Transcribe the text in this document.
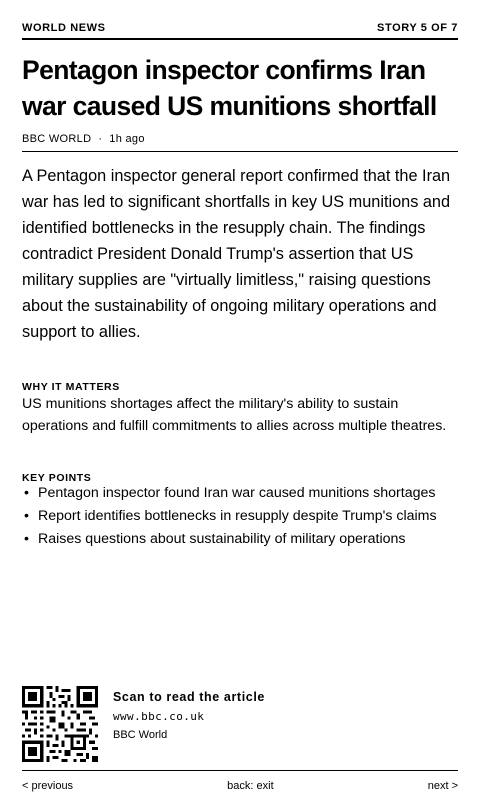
WORLD NEWS	STORY 5 OF 7
Pentagon inspector confirms Iran war caused US munitions shortfall
BBC WORLD · 1h ago

A Pentagon inspector general report confirmed that the Iran war has led to significant shortfalls in key US munitions and identified bottlenecks in the resupply chain. The findings contradict President Donald Trump's assertion that US military supplies are "virtually limitless," raising questions about the sustainability of ongoing military operations and support to allies.

WHY IT MATTERS

US munitions shortages affect the military's ability to sustain operations and fulfill commitments to allies across multiple theatres.

KEY POINTS
• Pentagon inspector found Iran war caused munitions shortages
• Report identifies bottlenecks in resupply despite Trump's claims
• Raises questions about sustainability of military operations
Scan to read the article
www.bbc.co.uk
BBC World
< previous	back: exit	next >
